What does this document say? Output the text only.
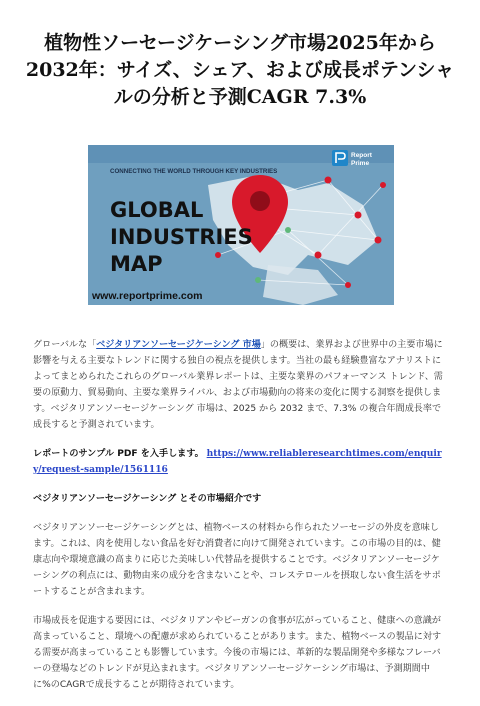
植物性ソーセージケーシング市場2025年から2032年：サイズ、シェア、および成長ポテンシャルの分析と予測CAGR 7.3%
CONNECTING THE WORLD THROUGH KEY INDUSTRIES
Report
Prime
GLOBAL
INDUSTRIES
MAP
www.reportprime.com

グローバルな「ベジタリアンソーセージケーシング 市場」の概要は、業界および世界中の主要市場に影響を与える主要なトレンドに関する独自の視点を提供します。当社の最も経験豊富なアナリストによってまとめられたこれらのグローバル業界レポートは、主要な業界のパフォーマンス トレンド、需要の原動力、貿易動向、主要な業界ライバル、および市場動向の将来の変化に関する洞察を提供します。ベジタリアンソーセージケーシング 市場は、2025 から 2032 まで、7.3% の複合年間成長率で成長すると予測されています。

レポートのサンプル PDF を入手します。 https://www.reliableresearchtimes.com/enquiry/request-sample/1561116

ベジタリアンソーセージケーシング とその市場紹介です

ベジタリアンソーセージケーシングとは、植物ベースの材料から作られたソーセージの外皮を意味します。これは、肉を使用しない食品を好む消費者に向けて開発されています。この市場の目的は、健康志向や環境意識の高まりに応じた美味しい代替品を提供することです。ベジタリアンソーセージケーシングの利点には、動物由来の成分を含まないことや、コレステロールを摂取しない食生活をサポートすることが含まれます。

市場成長を促進する要因には、ベジタリアンやビーガンの食事が広がっていること、健康への意識が高まっていること、環境への配慮が求められていることがあります。また、植物ベースの製品に対する需要が高まっていることも影響しています。今後の市場には、革新的な製品開発や多様なフレーバーの登場などのトレンドが見込まれます。ベジタリアンソーセージケーシング市場は、予測期間中に%のCAGRで成長することが期待されています。
